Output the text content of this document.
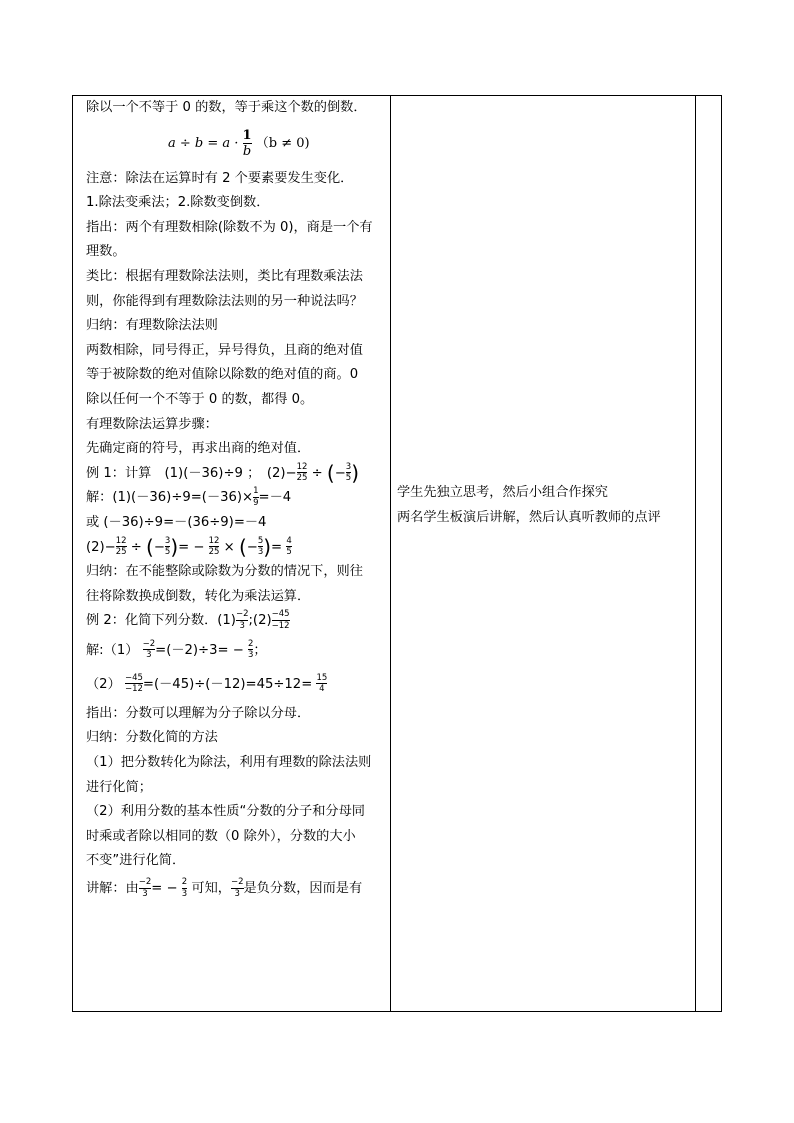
除以一个不等于 0 的数，等于乘这个数的倒数．
$a \div b = a \cdot \frac{1}{b} (b \ne 0)$
注意：除法在运算时有 2 个要素要发生变化．
1.除法变乘法；2.除数变倒数．
指出：两个有理数相除(除数不为 0)，商是一个有
理数。
类比：根据有理数除法法则，类比有理数乘法法
则，你能得到有理数除法法则的另一种说法吗？
归纳：有理数除法法则
两数相除，同号得正，异号得负，且商的绝对值
等于被除数的绝对值除以除数的绝对值的商。0
除以任何一个不等于 0 的数，都得 0。
有理数除法运算步骤：
先确定商的符号，再求出商的绝对值．
例 1：计算　(1)(－36)÷9 ；　$(2)- \frac{12}{25}$ ÷ (− $\frac{3}{5}$ )
解：$(1)(-36)\div 9=(-36)\times \frac{1}{9} =-4$
或 (－36)÷9=－(36÷9)=－4
$(2)- \frac{12}{25}$ ÷ (− $\frac{3}{5}$ )= − $\frac{12}{25}$ × (− $\frac{5}{3}$ )= $\frac{4}{5}$
归纳：在不能整除或除数为分数的情况下，则往
往将除数换成倒数，转化为乘法运算．
例 2：化简下列分数．$(1) \frac{-2}{3}$ ;(2) $\frac{-45}{-12}$
解:（1） $\frac{-2}{3} =(-2)\div 3= - \frac{2}{3}$ ；
$(2) \frac{-45}{-12} =(-45)\div(-12)=45\div 12= \frac{15}{4}$
指出：分数可以理解为分子除以分母．
归纳：分数化简的方法
（1）把分数转化为除法，利用有理数的除法法则
进行化简；
（2）利用分数的基本性质“分数的分子和分母同
时乘或者除以相同的数（0 除外），分数的大小
不变”进行化简．
讲解：由 $\frac{-2}{3}$ = − $\frac{2}{3}$ 可知， $\frac{-2}{3}$ 是负分数，因而是有
学生先独立思考，然后小组合作探究
两名学生板演后讲解，然后认真听教师的点评
